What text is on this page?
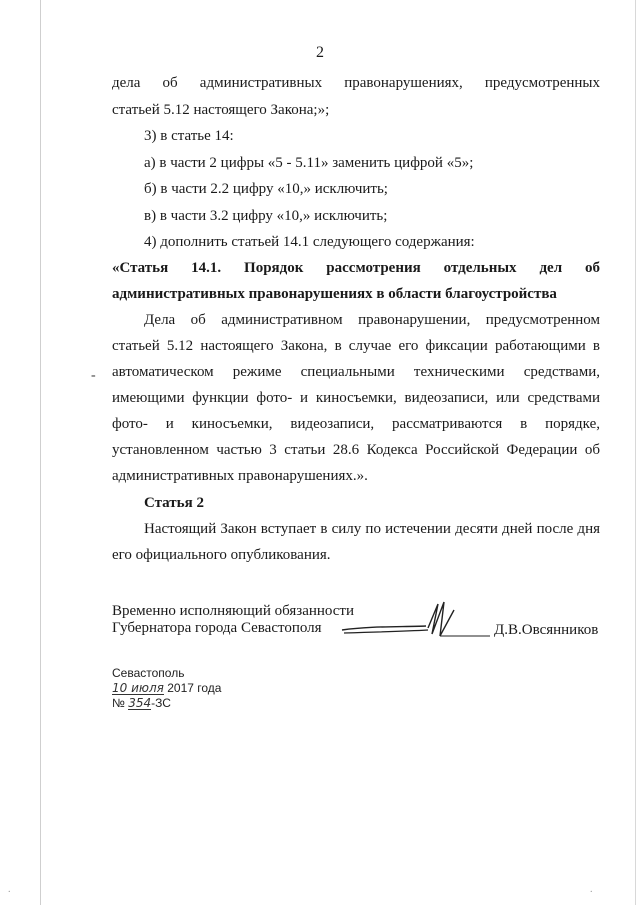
2
дела об административных правонарушениях, предусмотренных
статьей 5.12 настоящего Закона;»;
3) в статье 14:
а) в части 2 цифры «5 - 5.11» заменить цифрой «5»;
б) в части 2.2 цифру «10,» исключить;
в) в части 3.2 цифру «10,» исключить;
4) дополнить статьей 14.1 следующего содержания:
«Статья 14.1. Порядок рассмотрения отдельных дел об
административных правонарушениях в области благоустройства
Дела об административном правонарушении, предусмотренном
статьей 5.12 настоящего Закона, в случае его фиксации работающими в
автоматическом режиме специальными техническими средствами,
имеющими функции фото- и киносъемки, видеозаписи, или средствами
фото- и киносъемки, видеозаписи, рассматриваются в порядке,
установленном частью 3 статьи 28.6 Кодекса Российской Федерации об
административных правонарушениях.».
-
Статья 2
Настоящий Закон вступает в силу по истечении десяти дней после дня
его официального опубликования.
Временно исполняющий обязанности
Губернатора города Севастополя	Д.В.Овсянников
Севастополь
10 июля 2017 года
№ 354-ЗС
.	.
